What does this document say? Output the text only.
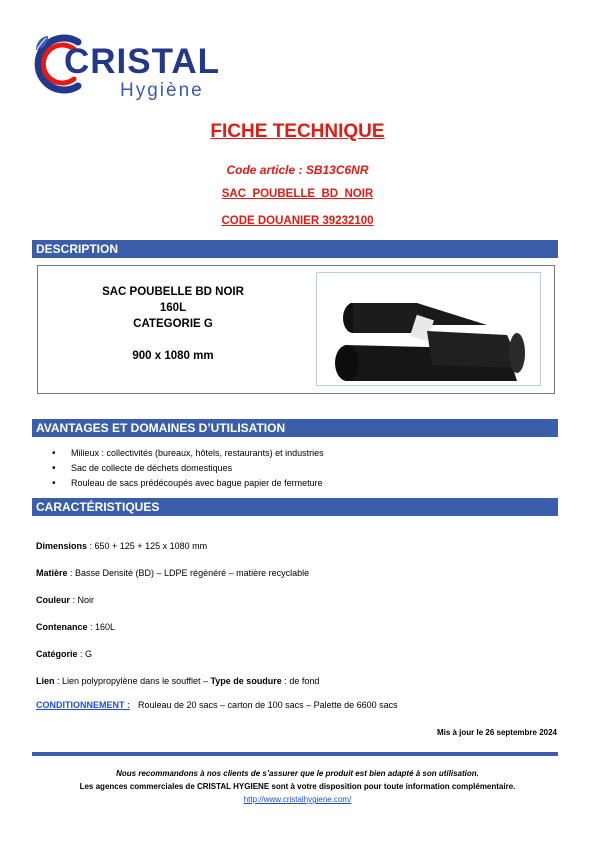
CRISTAL
Hygiène
FICHE TECHNIQUE
Code article : SB13C6NR
SAC_POUBELLE_BD_NOIR
CODE DOUANIER 39232100
DESCRIPTION
SAC POUBELLE BD NOIR
160L
CATEGORIE G

900 x 1080 mm
AVANTAGES ET DOMAINES D’UTILISATION
• Milieux : collectivités (bureaux, hôtels, restaurants) et industries
• Sac de collecte de déchets domestiques
• Rouleau de sacs prédécoupés avec bague papier de fermeture
CARACTÉRISTIQUES
Dimensions : 650 + 125 + 125 x 1080 mm
Matière : Basse Densité (BD) – LDPE régénéré – matière recyclable
Couleur : Noir
Contenance : 160L
Catégorie : G
Lien : Lien polypropylène dans le soufflet – Type de soudure : de fond
CONDITIONNEMENT : Rouleau de 20 sacs – carton de 100 sacs – Palette de 6600 sacs
Mis à jour le 26 septembre 2024
Nous recommandons à nos clients de s’assurer que le produit est bien adapté à son utilisation.
Les agences commerciales de CRISTAL HYGIENE sont à votre disposition pour toute information complémentaire.
http://www.cristalhygiene.com/
